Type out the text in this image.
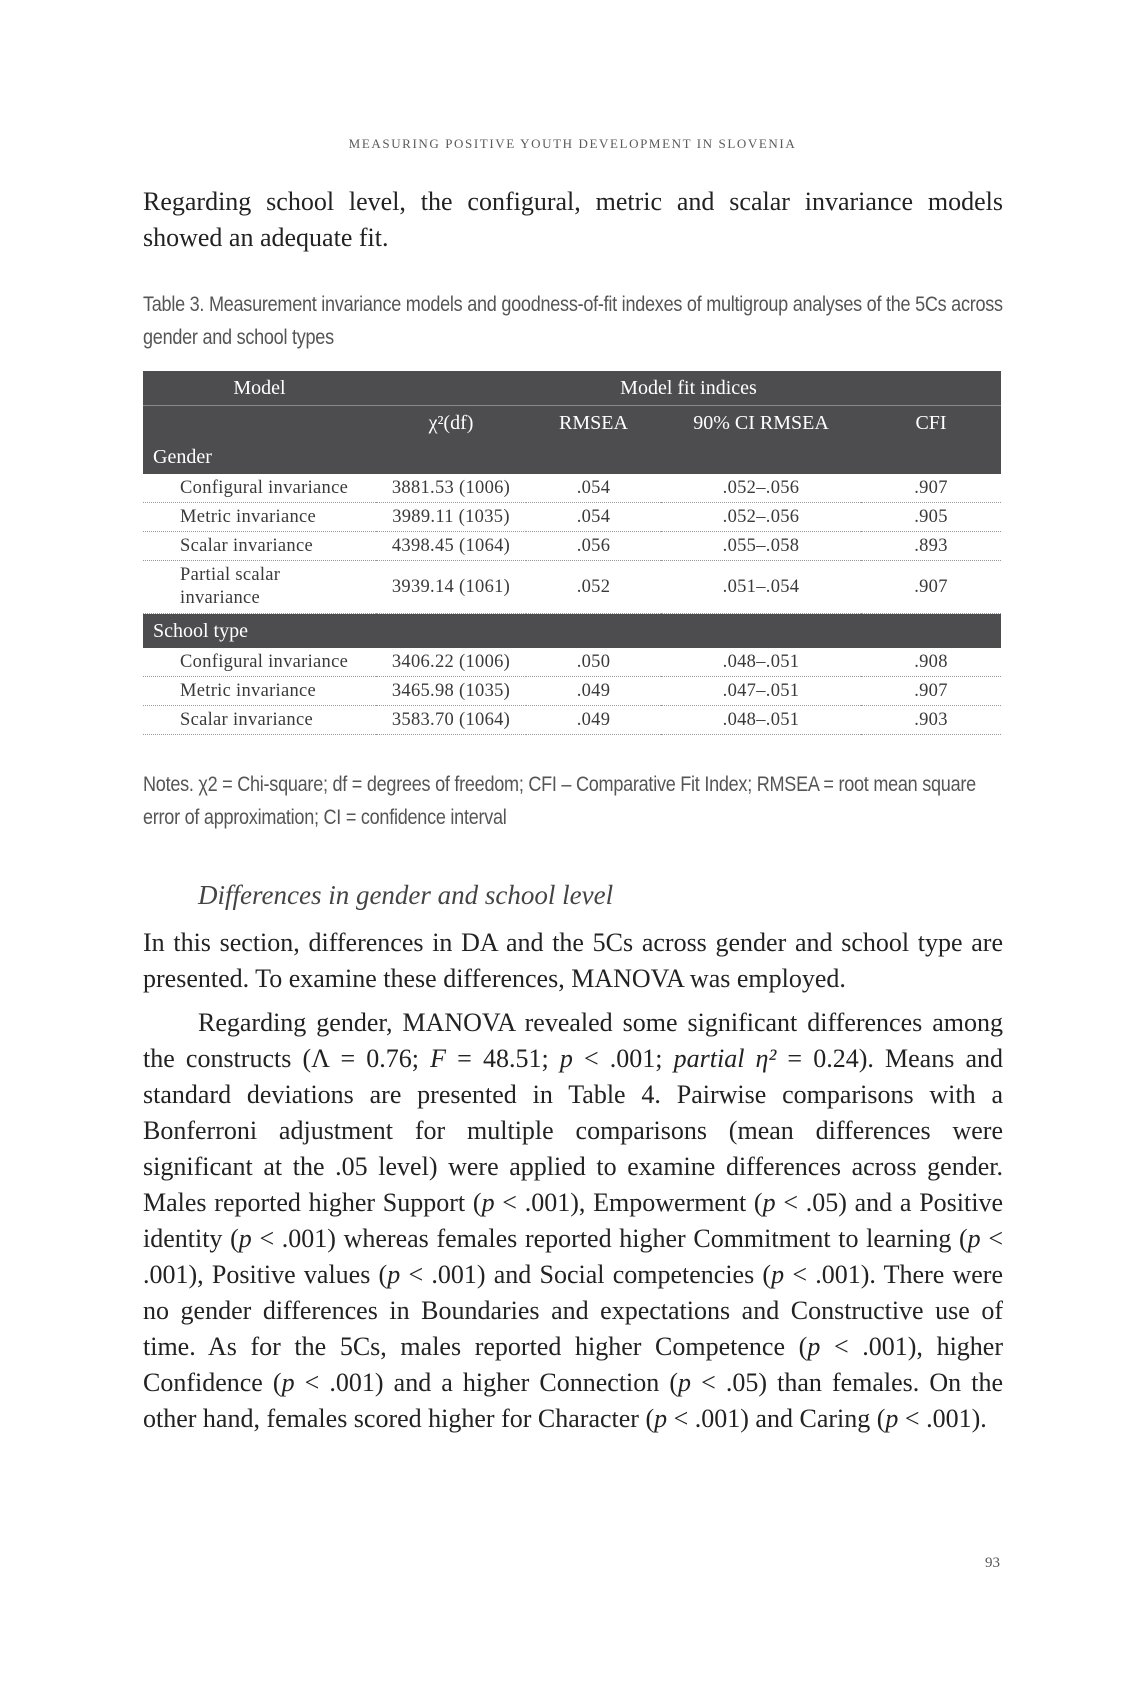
MEASURING POSITIVE YOUTH DEVELOPMENT IN SLOVENIA

Regarding school level, the configural, metric and scalar invariance models showed an adequate fit.

Table 3. Measurement invariance models and goodness-of-fit indexes of multigroup analyses of the 5Cs across gender and school types
Model	Model fit indices			
	χ²(df)	RMSEA	90% CI RMSEA	CFI
Gender				
Configural invariance	3881.53 (1006)	.054	.052–.056	.907
Metric invariance	3989.11 (1035)	.054	.052–.056	.905
Scalar invariance	4398.45 (1064)	.056	.055–.058	.893
Partial scalar invariance	3939.14 (1061)	.052	.051–.054	.907
School type				
Configural invariance	3406.22 (1006)	.050	.048–.051	.908
Metric invariance	3465.98 (1035)	.049	.047–.051	.907
Scalar invariance	3583.70 (1064)	.049	.048–.051	.903
Notes. χ2 = Chi-square; df = degrees of freedom; CFI – Comparative Fit Index; RMSEA = root mean square error of approximation; CI = confidence interval
Differences in gender and school level

In this section, differences in DA and the 5Cs across gender and school type are presented. To examine these differences, MANOVA was employed.

Regarding gender, MANOVA revealed some significant differences among the constructs (Λ = 0.76; F = 48.51; p < .001; partial η² = 0.24). Means and standard deviations are presented in Table 4. Pairwise comparisons with a Bonferroni adjustment for multiple comparisons (mean differences were significant at the .05 level) were applied to examine differences across gender. Males reported higher Support (p < .001), Empowerment (p < .05) and a Positive identity (p < .001) whereas females reported higher Commitment to learning (p < .001), Positive values (p < .001) and Social competencies (p < .001). There were no gender differences in Boundaries and expectations and Constructive use of time. As for the 5Cs, males reported higher Competence (p < .001), higher Confidence (p < .001) and a higher Connection (p < .05) than females. On the other hand, females scored higher for Character (p < .001) and Caring (p < .001).

93
